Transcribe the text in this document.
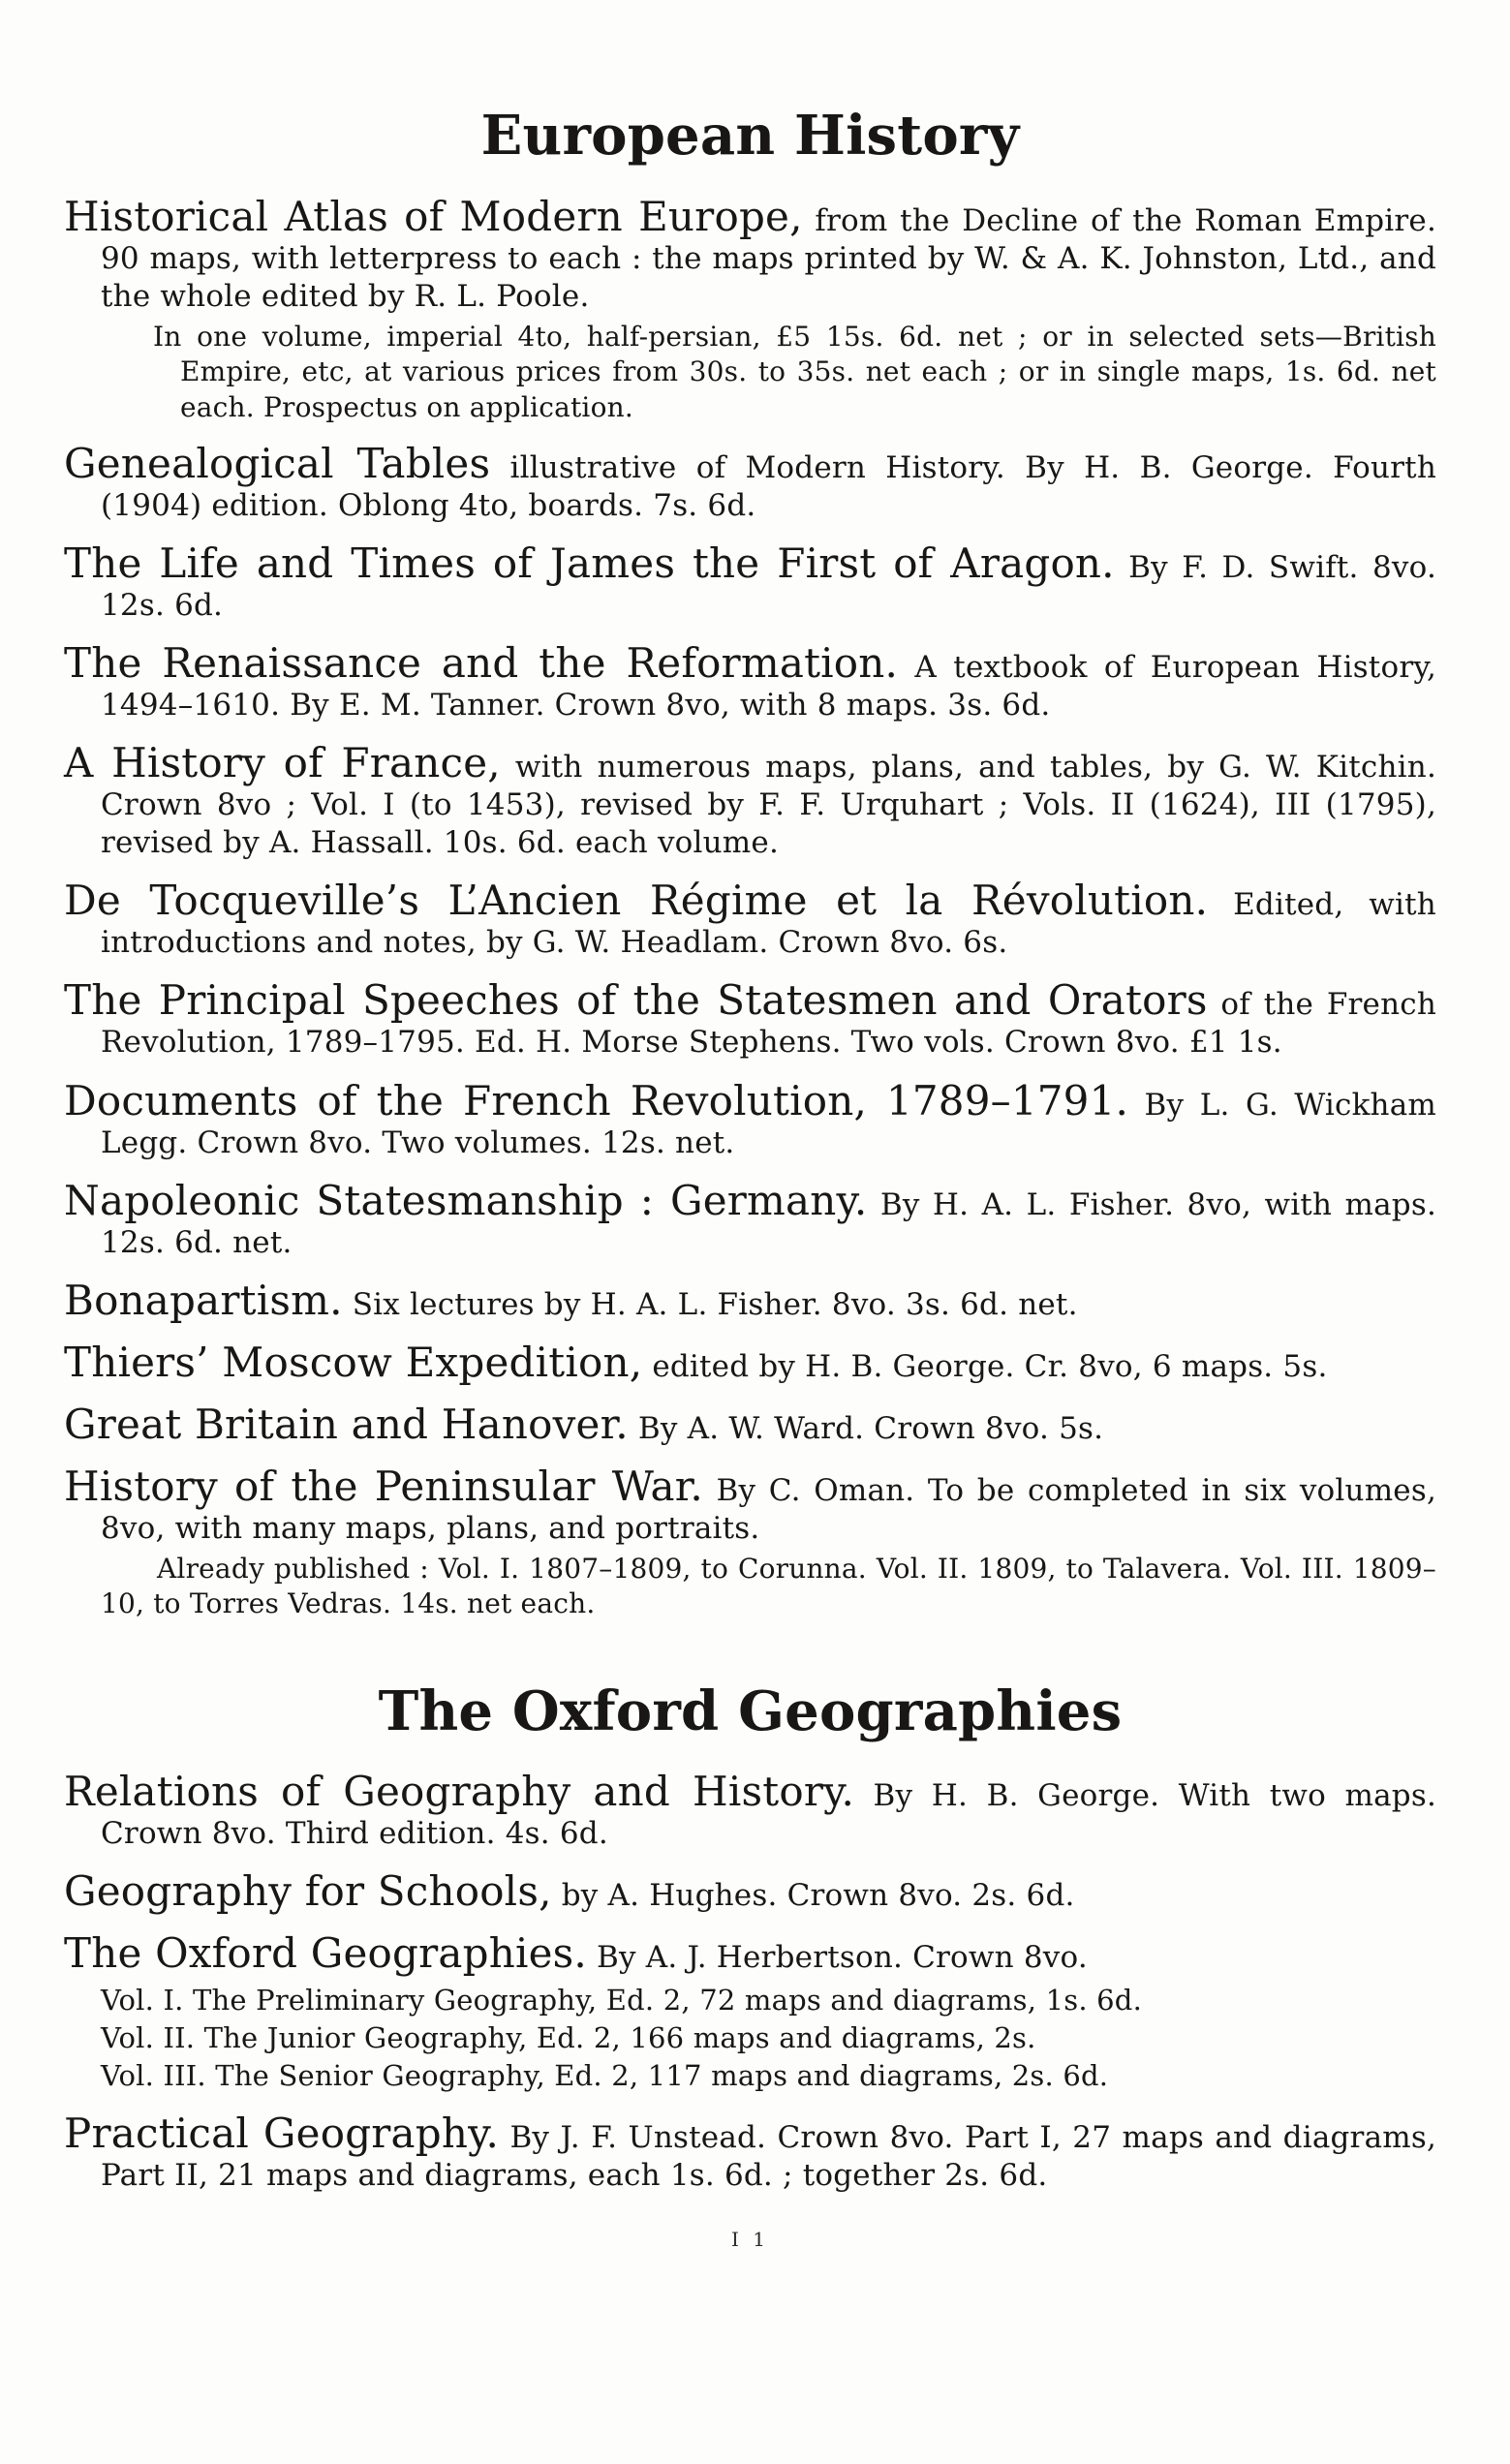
European History

Historical Atlas of Modern Europe, from the Decline of the Roman Empire. 90 maps, with letterpress to each : the maps printed by W. & A. K. Johnston, Ltd., and the whole edited by R. L. Poole.

In one volume, imperial 4to, half-persian, £5 15s. 6d. net ; or in selected sets—British Empire, etc, at various prices from 30s. to 35s. net each ; or in single maps, 1s. 6d. net each. Prospectus on application.

Genealogical Tables illustrative of Modern History. By H. B. George. Fourth (1904) edition. Oblong 4to, boards. 7s. 6d.

The Life and Times of James the First of Aragon. By F. D. Swift. 8vo. 12s. 6d.

The Renaissance and the Reformation. A textbook of European History, 1494–1610. By E. M. Tanner. Crown 8vo, with 8 maps. 3s. 6d.

A History of France, with numerous maps, plans, and tables, by G. W. Kitchin. Crown 8vo ; Vol. I (to 1453), revised by F. F. Urquhart ; Vols. II (1624), III (1795), revised by A. Hassall. 10s. 6d. each volume.

De Tocqueville’s L’Ancien Régime et la Révolution. Edited, with introductions and notes, by G. W. Headlam. Crown 8vo. 6s.

The Principal Speeches of the Statesmen and Orators of the French Revolution, 1789–1795. Ed. H. Morse Stephens. Two vols. Crown 8vo. £1 1s.

Documents of the French Revolution, 1789–1791. By L. G. Wickham Legg. Crown 8vo. Two volumes. 12s. net.

Napoleonic Statesmanship : Germany. By H. A. L. Fisher. 8vo, with maps. 12s. 6d. net.

Bonapartism. Six lectures by H. A. L. Fisher. 8vo. 3s. 6d. net.

Thiers’ Moscow Expedition, edited by H. B. George. Cr. 8vo, 6 maps. 5s.

Great Britain and Hanover. By A. W. Ward. Crown 8vo. 5s.

History of the Peninsular War. By C. Oman. To be completed in six volumes, 8vo, with many maps, plans, and portraits.

Already published : Vol. I. 1807–1809, to Corunna. Vol. II. 1809, to Talavera. Vol. III. 1809–10, to Torres Vedras. 14s. net each.

The Oxford Geographies

Relations of Geography and History. By H. B. George. With two maps. Crown 8vo. Third edition. 4s. 6d.

Geography for Schools, by A. Hughes. Crown 8vo. 2s. 6d.

The Oxford Geographies. By A. J. Herbertson. Crown 8vo.

Vol. I. The Preliminary Geography, Ed. 2, 72 maps and diagrams, 1s. 6d.
Vol. II. The Junior Geography, Ed. 2, 166 maps and diagrams, 2s.
Vol. III. The Senior Geography, Ed. 2, 117 maps and diagrams, 2s. 6d.

Practical Geography. By J. F. Unstead. Crown 8vo. Part I, 27 maps and diagrams, Part II, 21 maps and diagrams, each 1s. 6d. ; together 2s. 6d.

I 1
